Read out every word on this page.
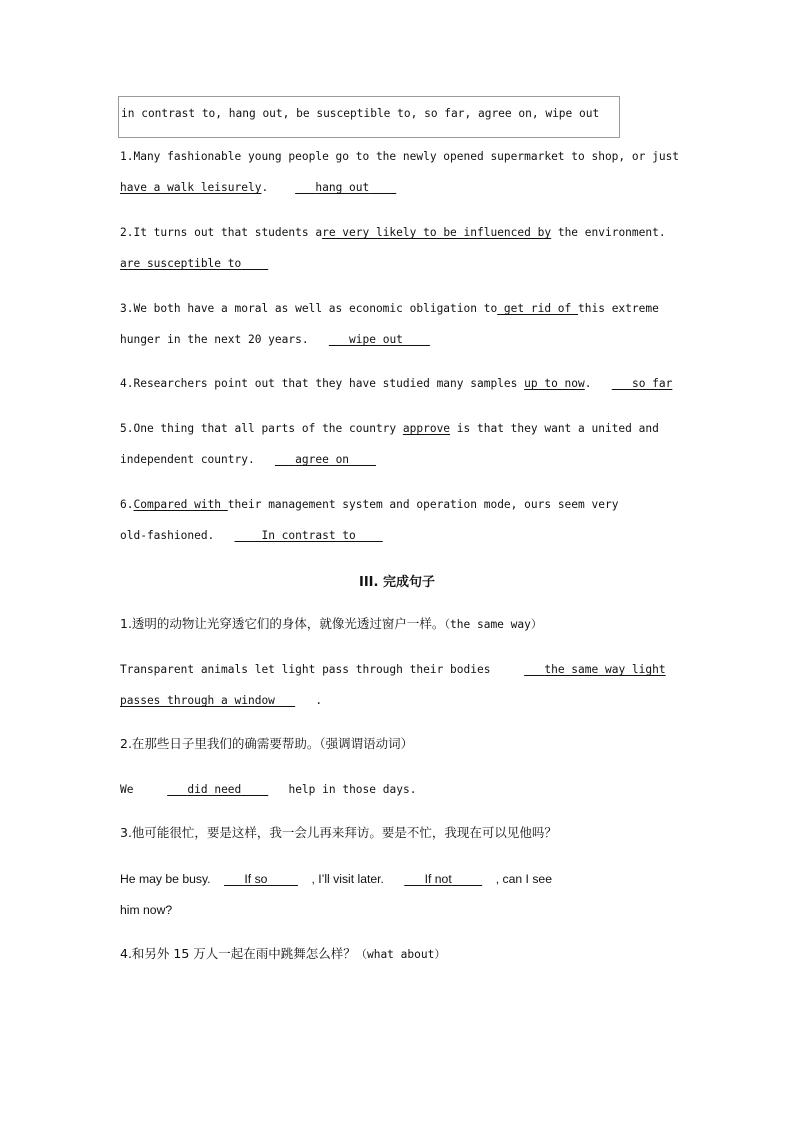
in contrast to, hang out, be susceptible to, so far, agree on, wipe out
1.Many fashionable young people go to the newly opened supermarket to shop, or just
have a walk leisurely.	hang out
2.It turns out that students are very likely to be influenced by the environment.
are susceptible to
3.We both have a moral as well as economic obligation to get rid of this extreme
hunger in the next 20 years.	wipe out
4.Researchers point out that they have studied many samples up to now.	so far
5.One thing that all parts of the country approve is that they want a united and
independent country.	agree on
6.Compared with their management system and operation mode, ours seem very
old-fashioned.	In contrast to
1.透明的动物让光穿透它们的身体，就像光透过窗户一样。（the same way）
Transparent animals let light pass through their bodies	the same way light
passes through a window	.
2.在那些日子里我们的确需要帮助。（强调谓语动词）
We	did need	help in those days.
3.他可能很忙，要是这样，我一会儿再来拜访。要是不忙，我现在可以见他吗？
He may be busy.	If so	, I’ll visit later.	If not	, can I see
him now?
4.和另外 15 万人一起在雨中跳舞怎么样？（what about）
III. 完成句子
